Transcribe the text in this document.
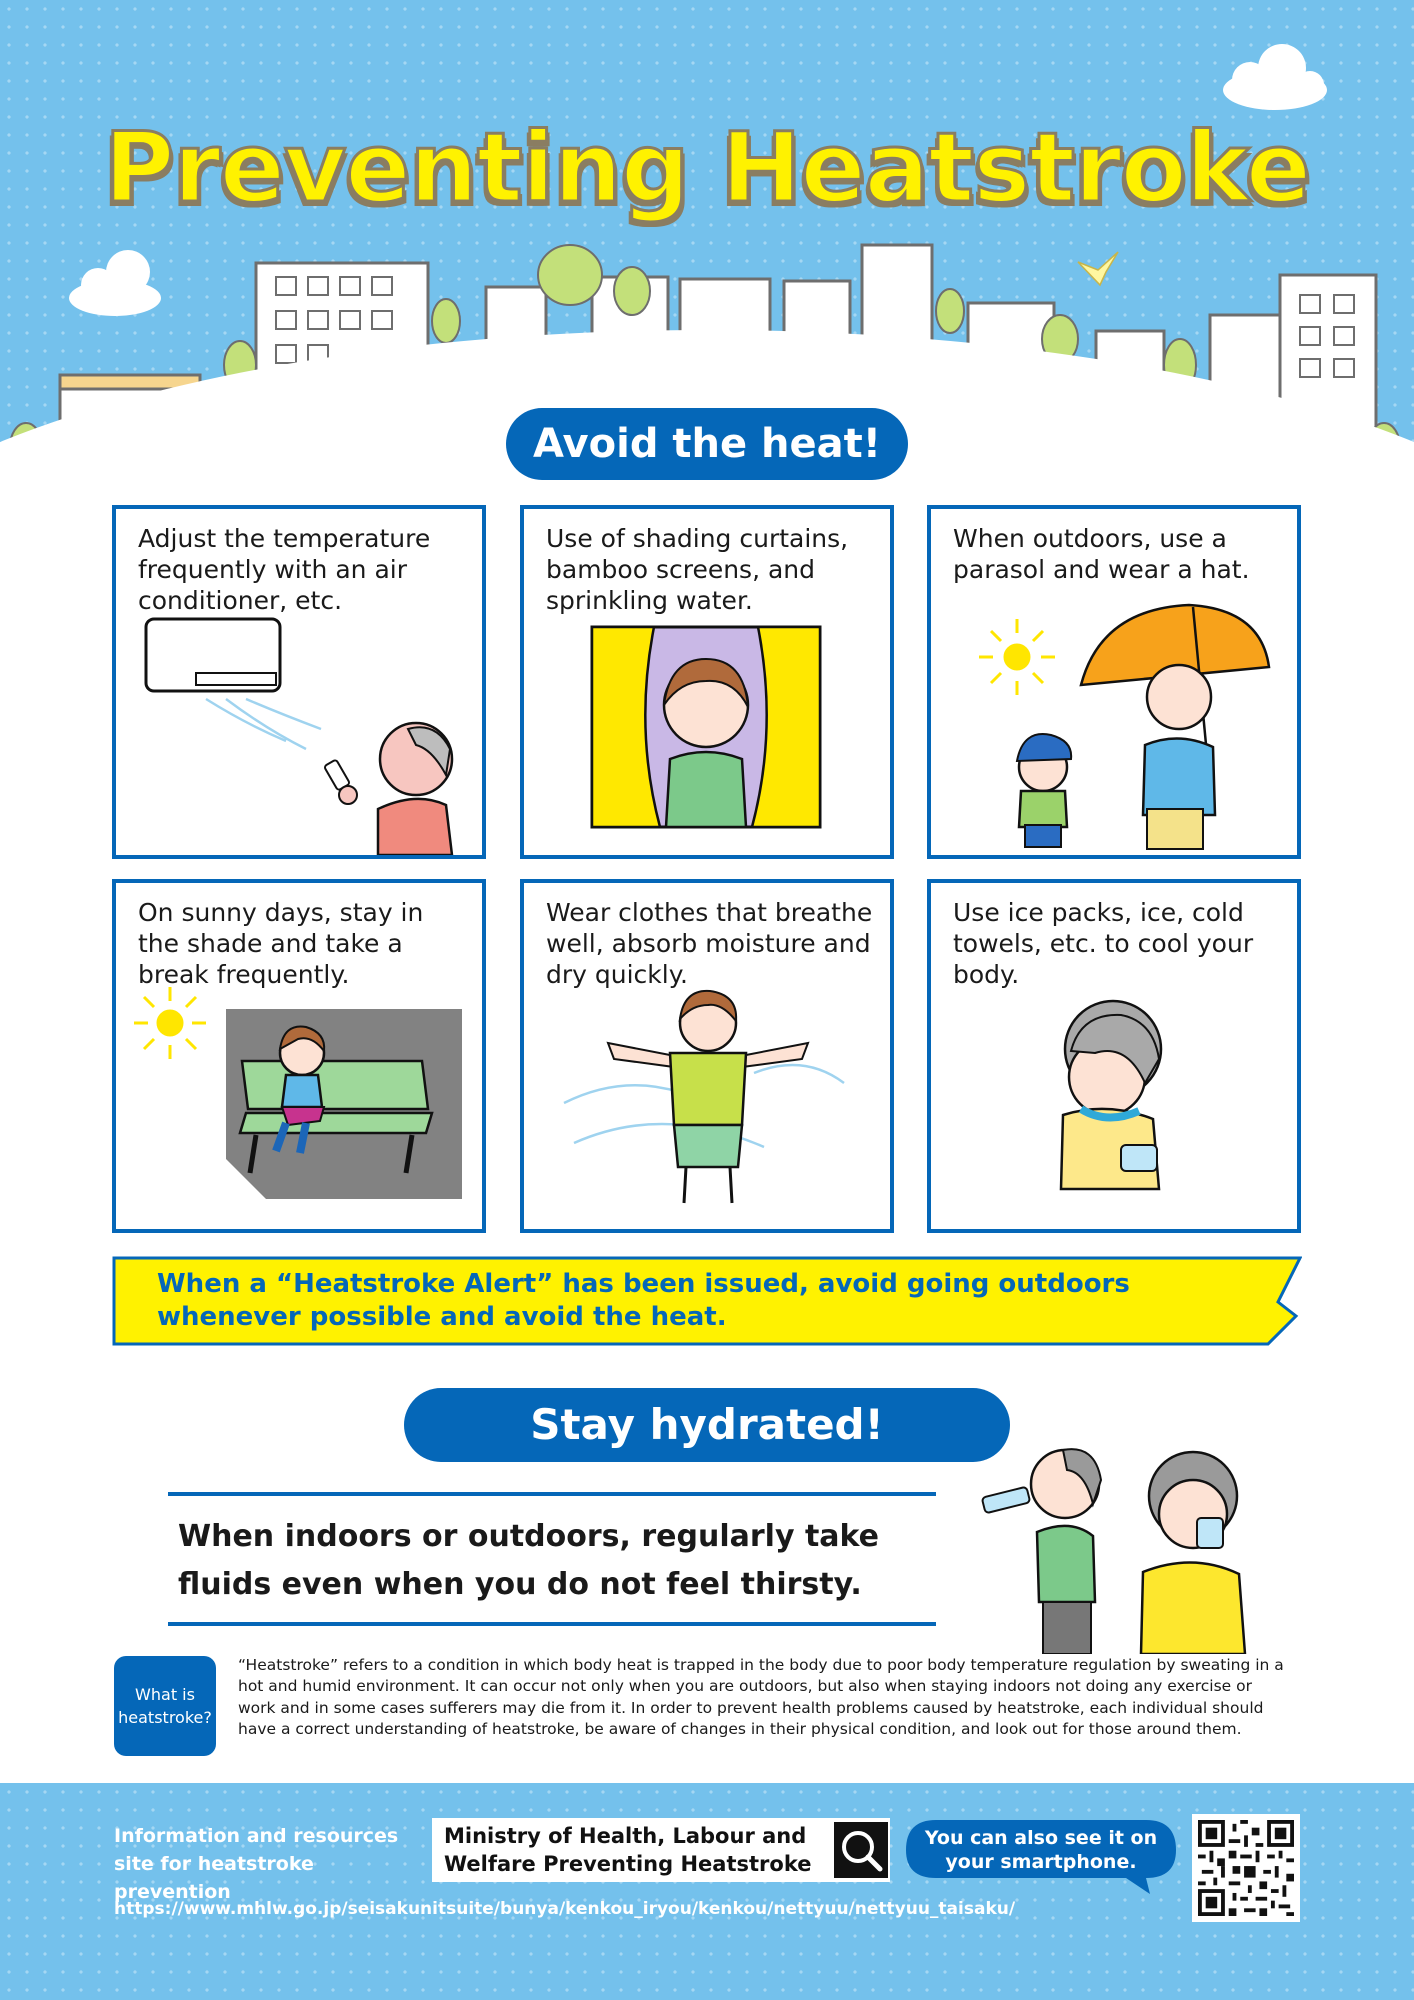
Preventing Heatstroke
Avoid the heat!
Adjust the temperature frequently with an air conditioner, etc.
Use of shading curtains, bamboo screens, and sprinkling water.
When outdoors, use a parasol and wear a hat.
On sunny days, stay in the shade and take a break frequently.
Wear clothes that breathe well, absorb moisture and dry quickly.
Use ice packs, ice, cold towels, etc. to cool your body.
When a “Heatstroke Alert” has been issued, avoid going outdoors whenever possible and avoid the heat.
Stay hydrated!
When indoors or outdoors, regularly take fluids even when you do not feel thirsty.
What is heatstroke?
“Heatstroke” refers to a condition in which body heat is trapped in the body due to poor body temperature regulation by sweating in a hot and humid environment. It can occur not only when you are outdoors, but also when staying indoors not doing any exercise or work and in some cases sufferers may die from it. In order to prevent health problems caused by heatstroke, each individual should have a correct understanding of heatstroke, be aware of changes in their physical condition, and look out for those around them.
Information and resources site for heatstroke prevention
Ministry of Health, Labour and Welfare Preventing Heatstroke
You can also see it on your smartphone.
https://www.mhlw.go.jp/seisakunitsuite/bunya/kenkou_iryou/kenkou/nettyuu/nettyuu_taisaku/
